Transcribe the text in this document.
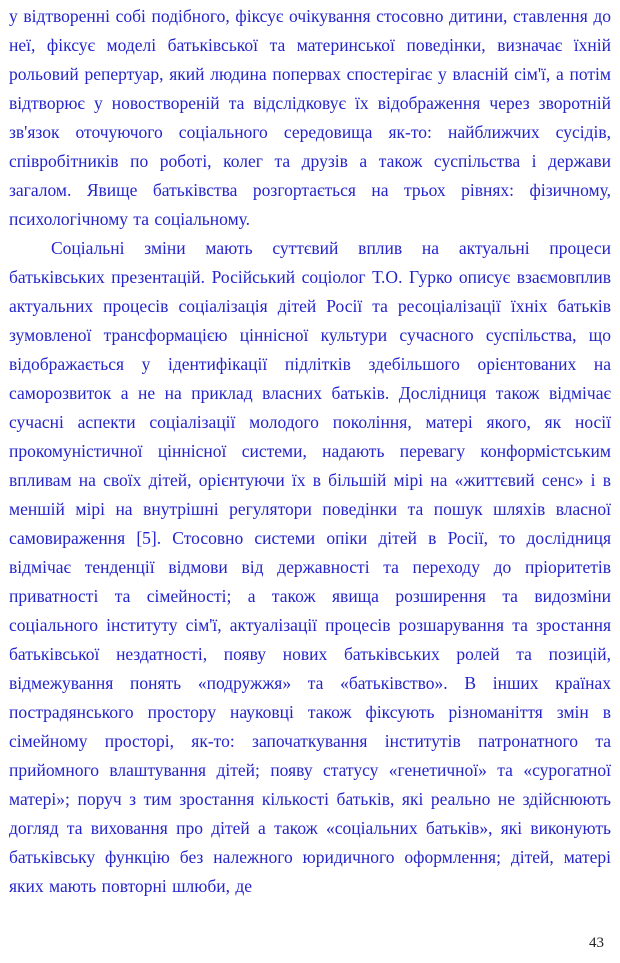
у відтворенні собі подібного, фіксує очікування стосовно дитини, ставлення до неї, фіксує моделі батьківської та материнської поведінки, визначає їхній рольовий репертуар, який людина попервах спостерігає у власній сім'ї, а потім відтворює у новоствореній та відслідковує їх відображення через зворотній зв'язок оточуючого соціального середовища як-то: найближчих сусідів, співробітників по роботі, колег та друзів а також суспільства і держави загалом. Явище батьківства розгортається на трьох рівнях: фізичному, психологічному та соціальному.

Соціальні зміни мають суттєвий вплив на актуальні процеси батьківських презентацій. Російський соціолог Т.О. Гурко описує взаємовплив актуальних процесів соціалізація дітей Росії та ресоціалізації їхніх батьків зумовленої трансформацією ціннісної культури сучасного суспільства, що відображається у ідентифікації підлітків здебільшого орієнтованих на саморозвиток а не на приклад власних батьків. Дослідниця також відмічає сучасні аспекти соціалізації молодого покоління, матері якого, як носії прокомуністичної ціннісної системи, надають перевагу конформістським впливам на своїх дітей, орієнтуючи їх в більшій мірі на «життєвий сенс» і в меншій мірі на внутрішні регулятори поведінки та пошук шляхів власної самовираження [5]. Стосовно системи опіки дітей в Росії, то дослідниця відмічає тенденції відмови від державності та переходу до пріоритетів приватності та сімейності; а також явища розширення та видозміни соціального інституту сім'ї, актуалізації процесів розшарування та зростання батьківської нездатності, появу нових батьківських ролей та позицій, відмежування понять «подружжя» та «батьківство». В інших країнах пострадянського простору науковці також фіксують різноманіття змін в сімейному просторі, як-то: започаткування інститутів патронатного та прийомного влаштування дітей; появу статусу «генетичної» та «сурогатної матері»; поруч з тим зростання кількості батьків, які реально не здійснюють догляд та виховання про дітей а також «соціальних батьків», які виконують батьківську функцію без належного юридичного оформлення; дітей, матері яких мають повторні шлюби, де

43
